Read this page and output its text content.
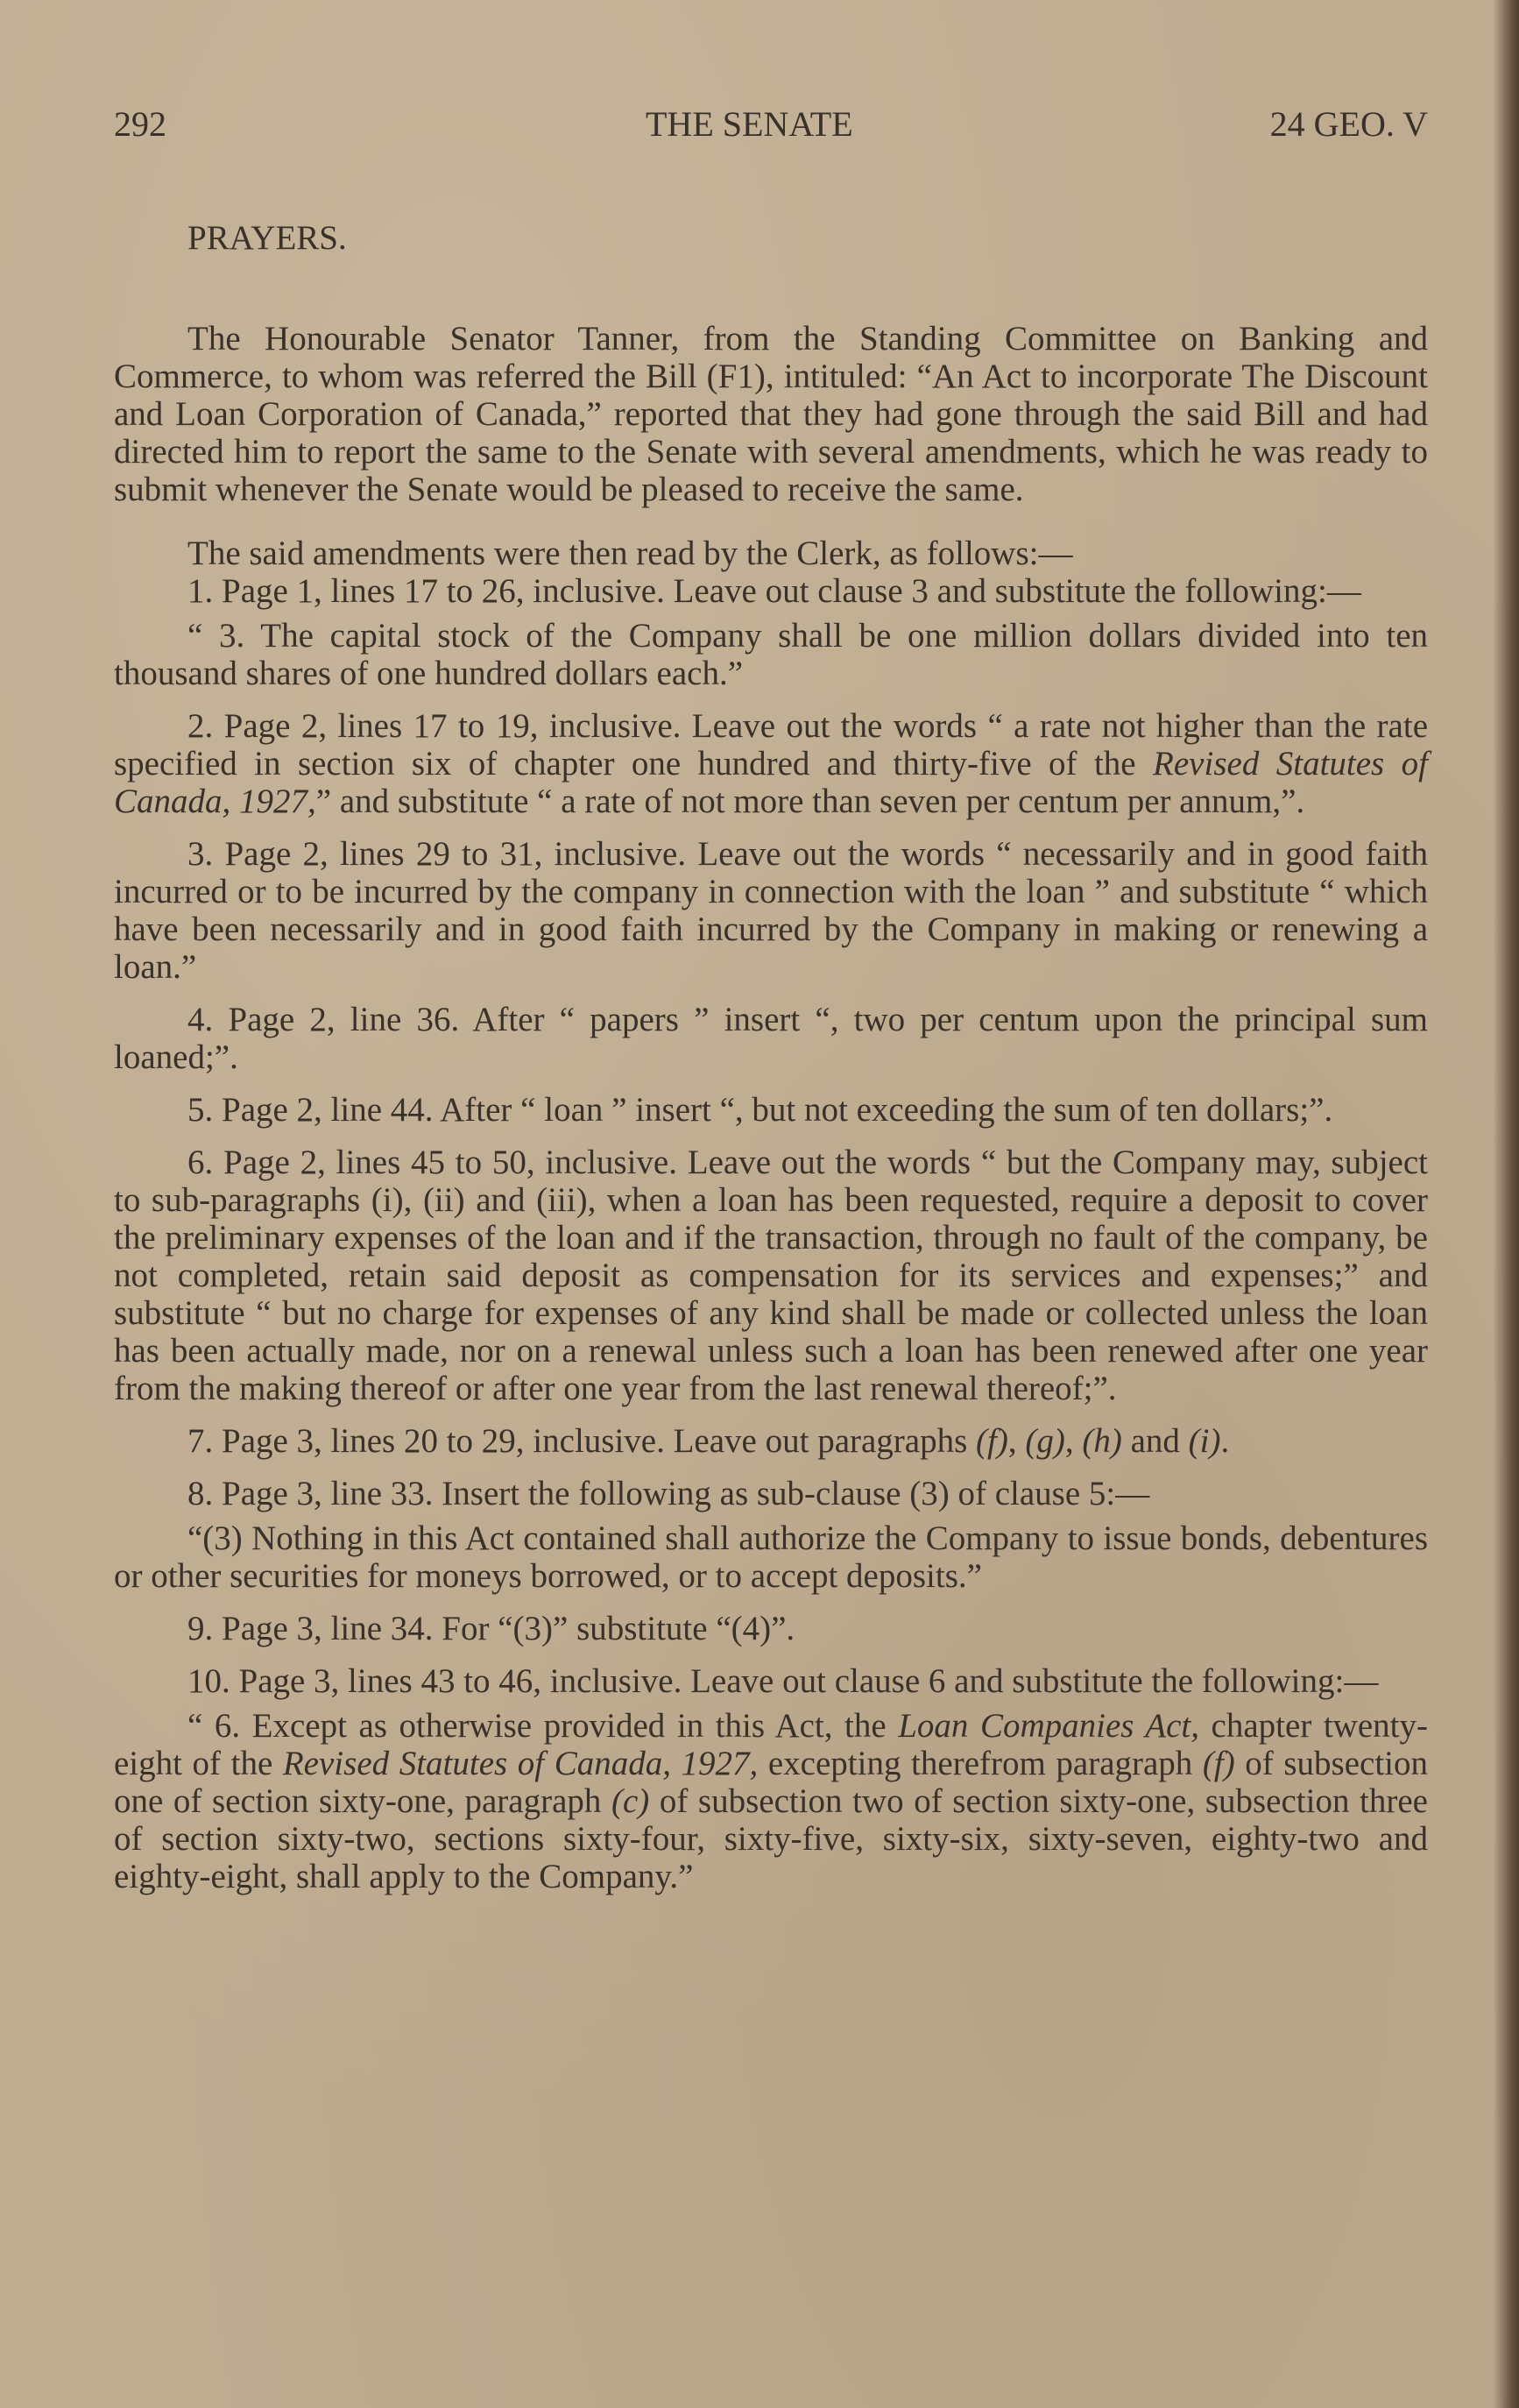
292	THE SENATE	24 GEO. V

PRAYERS.

The Honourable Senator Tanner, from the Standing Committee on Banking and Commerce, to whom was referred the Bill (F1), intituled: “An Act to incorporate The Discount and Loan Corporation of Canada,” reported that they had gone through the said Bill and had directed him to report the same to the Senate with several amendments, which he was ready to submit whenever the Senate would be pleased to receive the same.

The said amendments were then read by the Clerk, as follows:—

1. Page 1, lines 17 to 26, inclusive. Leave out clause 3 and substitute the following:—

“ 3. The capital stock of the Company shall be one million dollars divided into ten thousand shares of one hundred dollars each.”

2. Page 2, lines 17 to 19, inclusive. Leave out the words “ a rate not higher than the rate specified in section six of chapter one hundred and thirty-five of the Revised Statutes of Canada, 1927,” and substitute “ a rate of not more than seven per centum per annum,”.

3. Page 2, lines 29 to 31, inclusive. Leave out the words “ necessarily and in good faith incurred or to be incurred by the company in connection with the loan ” and substitute “ which have been necessarily and in good faith incurred by the Company in making or renewing a loan.”

4. Page 2, line 36. After “ papers ” insert “, two per centum upon the principal sum loaned;”.

5. Page 2, line 44. After “ loan ” insert “, but not exceeding the sum of ten dollars;”.

6. Page 2, lines 45 to 50, inclusive. Leave out the words “ but the Company may, subject to sub-paragraphs (i), (ii) and (iii), when a loan has been requested, require a deposit to cover the preliminary expenses of the loan and if the transaction, through no fault of the company, be not completed, retain said deposit as compensation for its services and expenses;” and substitute “ but no charge for expenses of any kind shall be made or collected unless the loan has been actually made, nor on a renewal unless such a loan has been renewed after one year from the making thereof or after one year from the last renewal thereof;”.

7. Page 3, lines 20 to 29, inclusive. Leave out paragraphs (f), (g), (h) and (i).

8. Page 3, line 33. Insert the following as sub-clause (3) of clause 5:—

“(3) Nothing in this Act contained shall authorize the Company to issue bonds, debentures or other securities for moneys borrowed, or to accept deposits.”

9. Page 3, line 34. For “(3)” substitute “(4)”.

10. Page 3, lines 43 to 46, inclusive. Leave out clause 6 and substitute the following:—

“ 6. Except as otherwise provided in this Act, the Loan Companies Act, chapter twenty-eight of the Revised Statutes of Canada, 1927, excepting therefrom paragraph (f) of subsection one of section sixty-one, paragraph (c) of subsection two of section sixty-one, subsection three of section sixty-two, sections sixty-four, sixty-five, sixty-six, sixty-seven, eighty-two and eighty-eight, shall apply to the Company.”
